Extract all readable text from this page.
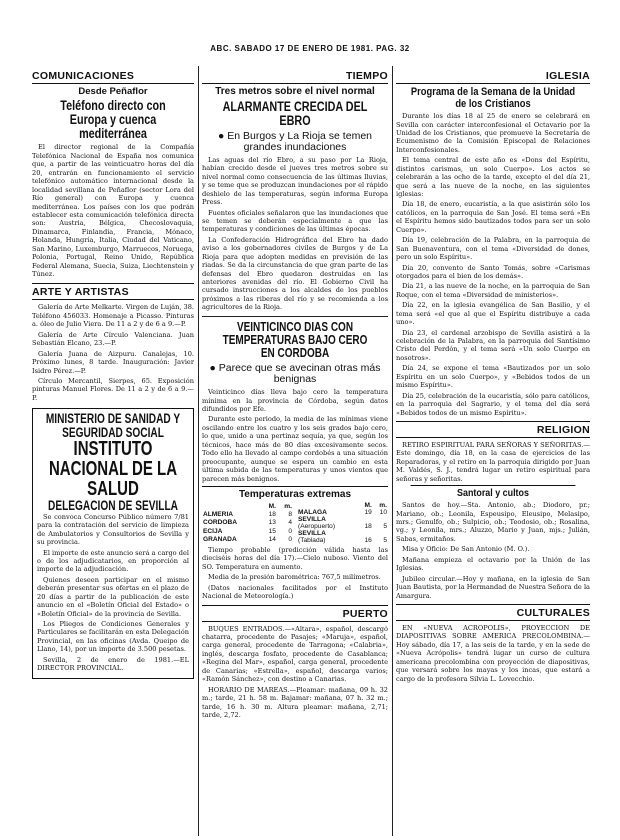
ABC. SABADO 17 DE ENERO DE 1981. PAG. 32
COMUNICACIONES
Desde Peñaflor
Teléfono directo con Europa y cuenca mediterránea

El director regional de la Compañía Telefónica Nacional de España nos comunica que, a partir de las veinticuatro horas del día 20, entrarán en funcionamiento el servicio telefónico automático internacional desde la localidad sevillana de Peñaflor (sector Lora del Río general) con Europa y cuenca mediterránea. Los países con los que podrán establecer esta comunicación telefónica directa son: Austria, Bélgica, Checoslovaquia, Dinamarca, Finlandia, Francia, Mónaco, Holanda, Hungría, Italia, Ciudad del Vaticano, San Marino, Luxemburgo, Marruecos, Noruega, Polonia, Portugal, Reino Unido, República Federal Alemana, Suecia, Suiza, Liechtenstein y Túnez.

ARTE Y ARTISTAS

Galería de Arte Melkarte. Virgen de Luján, 38. Teléfono 456033. Homenaje a Picasso. Pinturas a. óleo de Julio Viera. De 11 a 2 y de 6 a 9.—P.

Galería de Arte Círculo Valenciana. Juan Sebastián Elcano, 23.—P.

Galería Juana de Aizpuru. Canalejas, 10. Próximo lunes, 8 tarde. Inauguración: Javier Isidro Pérez.—P.

Círculo Mercantil, Sierpes, 65. Exposición pinturas Manuel Flores. De 11 a 2 y de 6 a 9.—P.

MINISTERIO DE SANIDAD Y SEGURIDAD SOCIAL
INSTITUTO NACIONAL DE LA SALUD
DELEGACION DE SEVILLA

Se convoca Concurso Público número 7/81 para la contratación del servicio de limpieza de Ambulatorios y Consultorios de Sevilla y su provincia.

El importe de este anuncio será a cargo del o de los adjudicatarios, en proporción al importe de la adjudicación.

Quienes deseen participar en el mismo deberán presentar sus ofertas en el plazo de 20 días a partir de la publicación de este anuncio en el «Boletín Oficial del Estado» o «Boletín Oficial» de la provincia de Sevilla.

Los Pliegos de Condiciones Generales y Particulares se facilitarán en esta Delegación Provincial, en las oficinas (Avda. Queipo de Llano, 14), por un importe de 3.500 pesetas.

Sevilla, 2 de enero de 1981.—EL DIRECTOR PROVINCIAL.

TIEMPO
Tres metros sobre el nivel normal
ALARMANTE CRECIDA DEL EBRO
● En Burgos y La Rioja se temen grandes inundaciones

Las aguas del río Ebro, a su paso por La Rioja, habían crecido desde el jueves tres metros sobre su nivel normal como consecuencia de las últimas lluvias, y se teme que se produzcan inundaciones por el rápido deshielo de las temperaturas, según informa Europa Press.

Fuentes oficiales señalaron que las inundaciones que se temen se deberán especialmente a que las temperaturas y condiciones de las últimas épocas.

La Confederación Hidrográfica del Ebro ha dado aviso a los gobernadores civiles de Burgos y de La Rioja para que adopten medidas en previsión de las riadas. Se da la circunstancia de que gran parte de las defensas del Ebro quedaron destruidas en las anteriores avenidas del río. El Gobierno Civil ha cursado instrucciones a los alcaldes de los pueblos próximos a las riberas del río y se recomienda a los agricultores de la Rioja.

VEINTICINCO DIAS CON TEMPERATURAS BAJO CERO EN CORDOBA
● Parece que se avecinan otras más benignas

Veinticinco días lleva bajo cero la temperatura mínima en la provincia de Córdoba, según datos difundidos por Efe.

Durante este periodo, la media de las mínimas viene oscilando entre los cuatro y los seis grados bajo cero, lo que, unido a una pertinaz sequía, ya que, según los técnicos, hace más de 80 días excesivamente secos. Todo ello ha llevado al campo cordobés a una situación preocupante, aunque se espera un cambio en esta última subida de las temperaturas y unos vientos que parecen más benignos.

Temperaturas extremas
	M.	m.
ALMERIA	18	8
CORDOBA	13	4
ECIJA	15	0
GRANADA	14	0
	M.	m.
MALAGA	19	10
SEVILLA		
(Aeropuerto)	18	5
SEVILLA		
(Tablada)	16	5

Tiempo probable (predicción válida hasta las dieciséis horas del día 17).—Cielo nuboso. Viento del SO. Temperatura en aumento.

Media de la presión barométrica: 767,5 milímetros.

(Datos nacionales facilitados por el Instituto Nacional de Meteorología.)

PUERTO

BUQUES ENTRADOS.—«Altara», español, descargó chatarra, procedente de Pasajes; «Maruja», español, carga general, procedente de Tarragona; «Calabria», inglés, descarga fosfato, procedente de Casablanca; «Regina del Mar», español, carga general, procedente de Canarias; «Estrella», español, descarga varios; «Ramón Sánchez», con destino a Canarias.

HORARIO DE MAREAS.—Pleamar: mañana, 09 h. 32 m.; tarde, 21 h. 58 m. Bajamar: mañana, 07 h. 32 m.; tarde, 16 h. 30 m. Altura pleamar: mañana, 2,71; tarde, 2,72.

IGLESIA
Programa de la Semana de la Unidad de los Cristianos

Durante los días 18 al 25 de enero se celebrará en Sevilla con carácter interconfesional el Octavario por la Unidad de los Cristianos, que promueve la Secretaría de Ecumenismo de la Comisión Episcopal de Relaciones Interconfesionales.

El tema central de este año es «Dons del Espíritu, distintos carismas, un solo Cuerpo». Los actos se celebrarán a las ocho de la tarde, excepto el del día 21, que será a las nueve de la noche, en las siguientes iglesias:

Día 18, de enero, eucaristía, a la que asistirán sólo los católicos, en la parroquia de San José. El tema será «En el Espíritu hemos sido bautizados todos para ser un solo Cuerpo».

Día 19, celebración de la Palabra, en la parroquia de San Buenaventura, con el tema «Diversidad de dones, pero un solo Espíritu».

Día 20, convento de Santo Tomás, sobre «Carismas otorgados para el bien de los demás».

Día 21, a las nueve de la noche, en la parroquia de San Roque, con el tema «Diversidad de ministerios».

Día 22, en la iglesia evangélica de San Basilio, y el tema será «el que al que el Espíritu distribuye a cada uno».

Día 23, el cardenal arzobispo de Sevilla asistirá a la celebración de la Palabra, en la parroquia del Santísimo Cristo del Perdón, y el tema será «Un solo Cuerpo en nosotros».

Día 24, se expone el tema «Bautizados por un solo Espíritu en un solo Cuerpo», y «Bebidos todos de un mismo Espíritu».

Día 25, celebración de la eucaristía, sólo para católicos, en la parroquia del Sagrario, y el tema del día será «Bebidos todos de un mismo Espíritu».

RELIGION

RETIRO ESPIRITUAL PARA SEÑORAS Y SEÑORITAS.—Este domingo, día 18, en la casa de ejercicios de las Reparadoras, y el retiro en la parroquia dirigido por Juan M. Valdés, S. J., tendrá lugar un retiro espiritual para señoras y señoritas.

Santoral y cultos

Santos de hoy.—Sta. Antonio, ab.; Diodoro, pr.; Mariano, ob.; Leonila, Espeusipo, Eleusipo, Melasipo, mrs.; Genulfo, ob.; Sulpicio, ob.; Teodosio, ob.; Rosalina, vg.; y Leonila, mrs.; Aluzzo, Mario y Juan, mjs.; Julián, Sabas, ermitaños.

Misa y Oficio: De San Antonio (M. O.).

Mañana empieza el octavario por la Unión de las Iglesias.

Jubileo circular.—Hoy y mañana, en la iglesia de San Juan Bautista, por la Hermandad de Nuestra Señora de la Amargura.

CULTURALES

EN «NUEVA ACROPOLIS», PROYECCION DE DIAPOSITIVAS SOBRE AMERICA PRECOLOMBINA.—Hoy sábado, día 17, a las seis de la tarde, y en la sede de «Nueva Acrópolis» tendrá lugar un curso de cultura americana precolombina con proyección de diapositivas, que versará sobre los mayas y los incas, que estará a cargo de la profesora Silvia L. Lovecchio.
